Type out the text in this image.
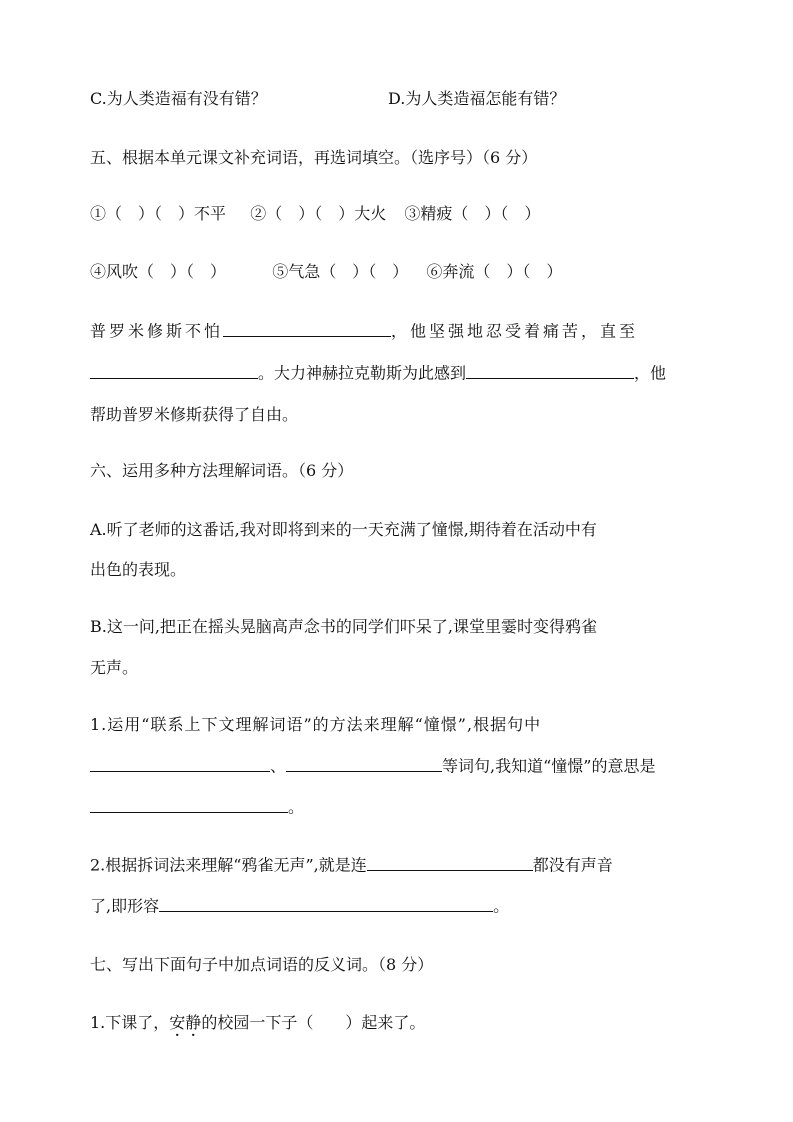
C.为人类造福有没有错？	D.为人类造福怎能有错？
五、根据本单元课文补充词语，再选词填空。（选序号）（6 分）
①（　）（　）不平 ②（　）（　）大火 ③精疲（　）（　）
④风吹（　）（　）	⑤气急（　）（　） ⑥奔流（　）（　）
普罗米修斯不怕	，他坚强地忍受着痛苦，直至
。大力神赫拉克勒斯为此感到	，他
帮助普罗米修斯获得了自由。
六、运用多种方法理解词语。（6 分）
A.听了老师的这番话,我对即将到来的一天充满了憧憬,期待着在活动中有
出色的表现。
B.这一问,把正在摇头晃脑高声念书的同学们吓呆了,课堂里霎时变得鸦雀
无声。
1.运用“联系上下文理解词语”的方法来理解“憧憬”,根据句中
、	等词句,我知道“憧憬”的意思是
。
2.根据拆词法来理解“鸦雀无声”,就是连	都没有声音
了,即形容	。
七、写出下面句子中加点词语的反义词。（8 分）
1.下课了，安静的校园一下子（　　）起来了。
